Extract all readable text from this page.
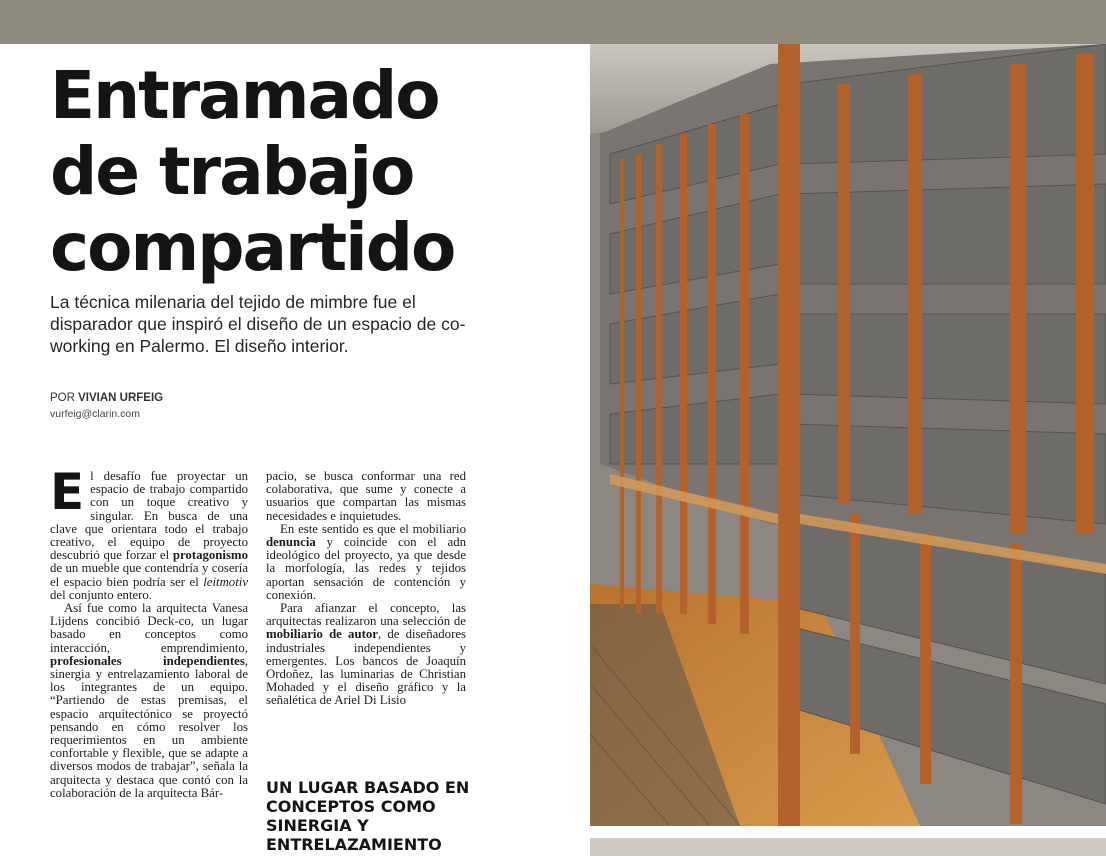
Entramado
de trabajo
compartido
La técnica milenaria del tejido de mimbre fue el disparador que inspiró el diseño de un espacio de co-working en Palermo. El diseño interior.
POR VIVIAN URFEIG
vurfeig@clarin.com

El desafío fue proyectar un espacio de trabajo compartido con un toque creativo y singular. En busca de una clave que orientara todo el trabajo creativo, el equipo de proyecto descubrió que forzar el protagonismo de un mueble que contendría y cosería el espacio bien podría ser el leitmotiv del conjunto entero.

Así fue como la arquitecta Vanesa Lijdens concibió Deck-co, un lugar basado en conceptos como interacción, emprendimiento, profesionales independientes, sinergia y entrelazamiento laboral de los integrantes de un equipo. “Partiendo de estas premisas, el espacio arquitectónico se proyectó pensando en cómo resolver los requerimientos en un ambiente confortable y flexible, que se adapte a diversos modos de trabajar”, señala la arquitecta y destaca que contó con la colaboración de la arquitecta Bár-

pacio, se busca conformar una red colaborativa, que sume y conecte a usuarios que compartan las mismas necesidades e inquietudes.

En este sentido es que el mobiliario denuncia y coincide con el adn ideológico del proyecto, ya que desde la morfología, las redes y tejidos aportan sensación de contención y conexión.

Para afianzar el concepto, las arquitectas realizaron una selección de mobiliario de autor, de diseñadores industriales independientes y emergentes. Los bancos de Joaquín Ordoñez, las luminarias de Christian Mohaded y el diseño gráfico y la señalética de Ariel Di Lisio

UN LUGAR BASADO EN CONCEPTOS COMO SINERGIA Y ENTRELAZAMIENTO
